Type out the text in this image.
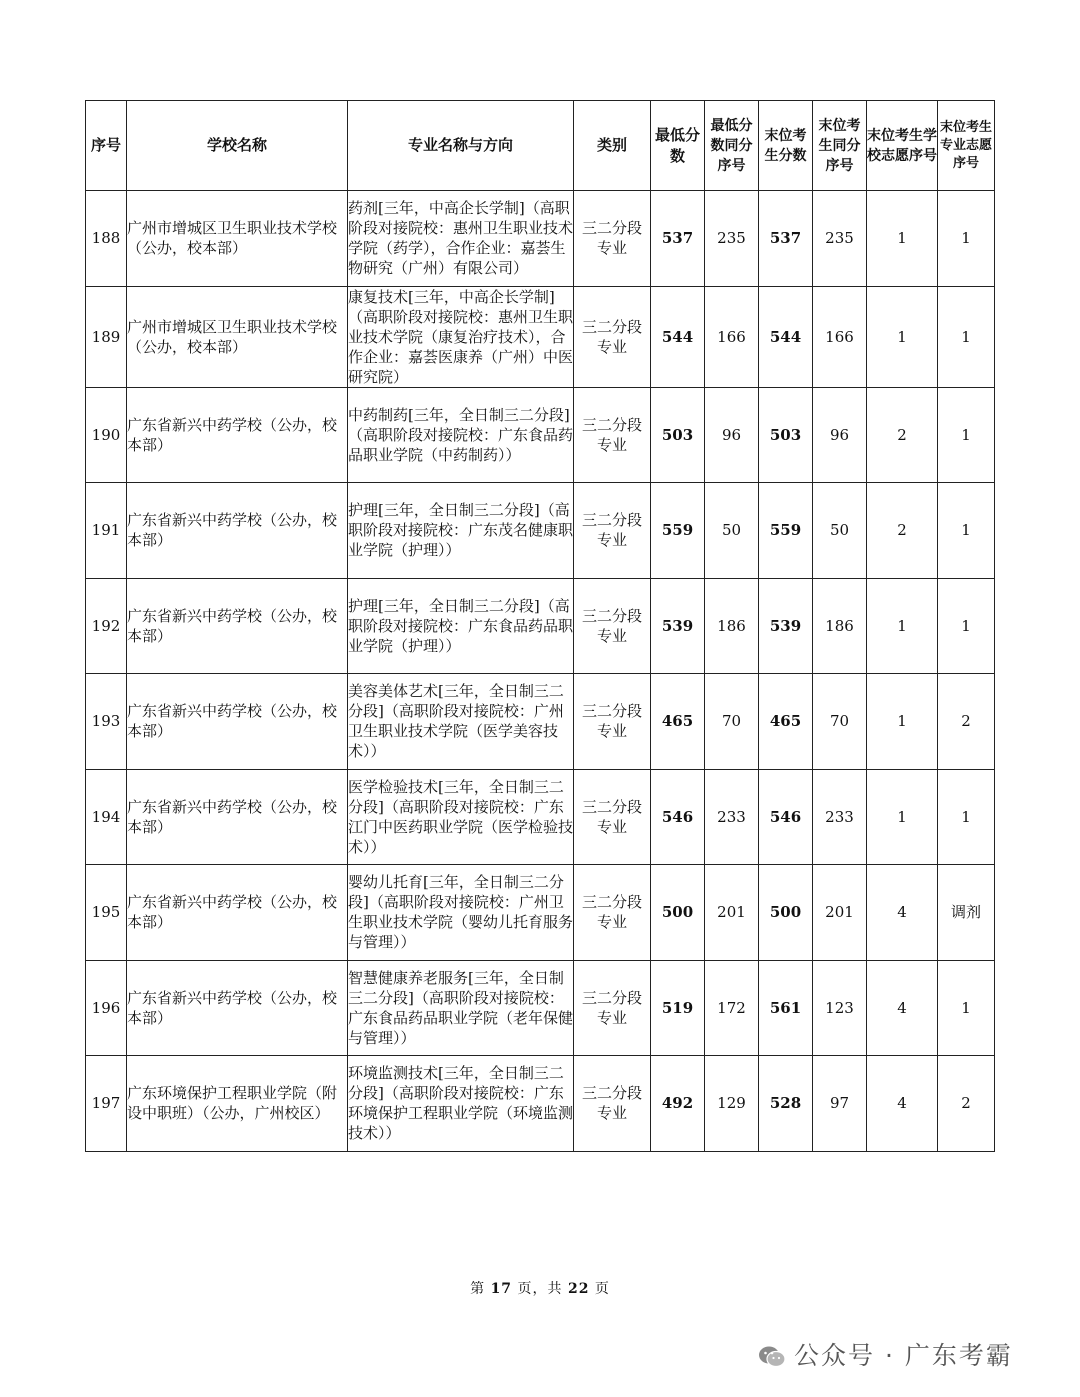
序号	学校名称	专业名称与方向	类别	最低分数	最低分数同分序号	末位考生分数	末位考生同分序号	末位考生学校志愿序号	末位考生专业志愿序号
188	广州市增城区卫生职业技术学校（公办，校本部）	药剂[三年，中高企长学制]（高职阶段对接院校：惠州卫生职业技术学院（药学），合作企业：嘉荟生物研究（广州）有限公司）	三二分段专业	537	235	537	235	1	1
189	广州市增城区卫生职业技术学校（公办，校本部）	康复技术[三年，中高企长学制]（高职阶段对接院校：惠州卫生职业技术学院（康复治疗技术），合作企业：嘉荟医康养（广州）中医研究院）	三二分段专业	544	166	544	166	1	1
190	广东省新兴中药学校（公办，校本部）	中药制药[三年，全日制三二分段]（高职阶段对接院校：广东食品药品职业学院（中药制药））	三二分段专业	503	96	503	96	2	1
191	广东省新兴中药学校（公办，校本部）	护理[三年，全日制三二分段]（高职阶段对接院校：广东茂名健康职业学院（护理））	三二分段专业	559	50	559	50	2	1
192	广东省新兴中药学校（公办，校本部）	护理[三年，全日制三二分段]（高职阶段对接院校：广东食品药品职业学院（护理））	三二分段专业	539	186	539	186	1	1
193	广东省新兴中药学校（公办，校本部）	美容美体艺术[三年，全日制三二分段]（高职阶段对接院校：广州卫生职业技术学院（医学美容技术））	三二分段专业	465	70	465	70	1	2
194	广东省新兴中药学校（公办，校本部）	医学检验技术[三年，全日制三二分段]（高职阶段对接院校：广东江门中医药职业学院（医学检验技术））	三二分段专业	546	233	546	233	1	1
195	广东省新兴中药学校（公办，校本部）	婴幼儿托育[三年，全日制三二分段]（高职阶段对接院校：广州卫生职业技术学院（婴幼儿托育服务与管理））	三二分段专业	500	201	500	201	4	调剂
196	广东省新兴中药学校（公办，校本部）	智慧健康养老服务[三年，全日制三二分段]（高职阶段对接院校：广东食品药品职业学院（老年保健与管理））	三二分段专业	519	172	561	123	4	1
197	广东环境保护工程职业学院（附设中职班）（公办，广州校区）	环境监测技术[三年，全日制三二分段]（高职阶段对接院校：广东环境保护工程职业学院（环境监测技术））	三二分段专业	492	129	528	97	4	2
第 17 页，共 22 页
公众号 · 广东考霸
